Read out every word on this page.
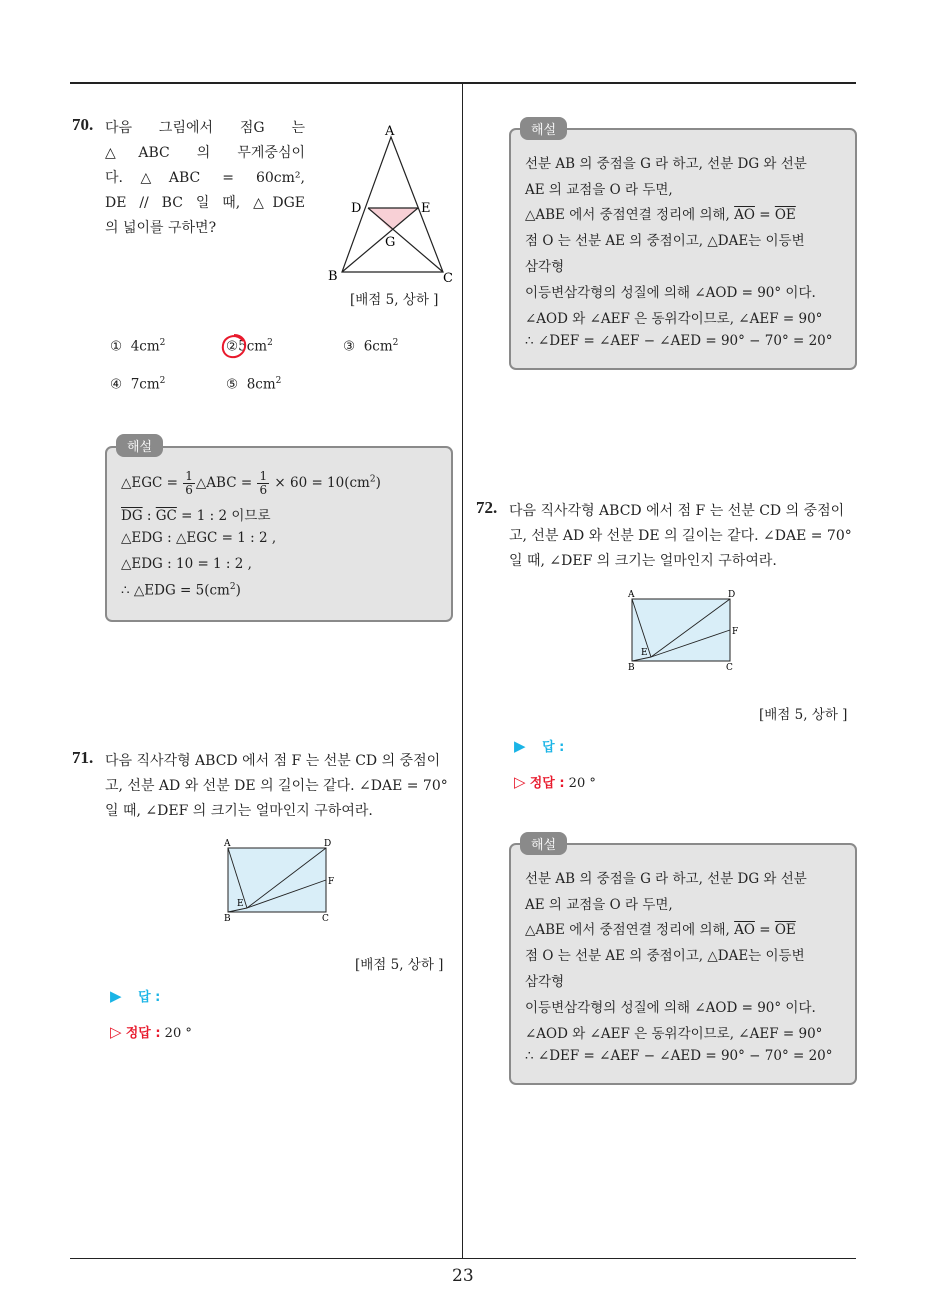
70. 다음 그림에서 점G 는
△ABC 의 무게중심이
다.△ABC = 60cm²,
DE // BC 일 때, △DGE
의 넓이를 구하면?
A
B	C
D	E
G
[배점 5, 상하 ]
① $4cm^2$	$②5cm^2$	③ $6cm^2$
④ $7cm^2$	⑤ $8cm^2$
△EGC = $\frac{1}{6}$ △ABC = $\frac{1}{6} \times 60 = 10(cm^2)$
$\overline{DG}$ : $\overline{GC} = 1$ : 2 이므로
△EDG : △EGC = 1 : 2 ,
△EDG : 10 = 1 : 2 ,
∴ △EDG = $5(cm^2)$
해설
71. 다음 직사각형 ABCD 에서 점 F 는 선분 CD 의 중점이
고, 선분 AD 와 선분 DE 의 길이는 같다. ∠DAE = 70°
일 때, ∠DEF 의 크기는 얼마인지 구하여라.
A	D
B	C
F
E
[배점 5, 상하 ]
▶ 답 :
▷ 정답 : 20 °
선분 AB 의 중점을 G 라 하고, 선분 DG 와 선분
AE 의 교점을 O 라 두면,
△ABE 에서 중점연결 정리에 의해, $\overline{AO} = \overline{OE}$
점 O 는 선분 AE 의 중점이고, △DAE는 이등변
삼각형
이등변삼각형의 성질에 의해 ∠AOD = 90° 이다.
∠AOD 와 ∠AEF 은 동위각이므로, ∠AEF = 90°
∴ ∠DEF = ∠AEF − ∠AED = 90° − 70° = 20°
해설
72. 다음 직사각형 ABCD 에서 점 F 는 선분 CD 의 중점이
고, 선분 AD 와 선분 DE 의 길이는 같다. ∠DAE = 70°
일 때, ∠DEF 의 크기는 얼마인지 구하여라.
A	D
B	C
F
E
[배점 5, 상하 ]
▶ 답 :
▷ 정답 : 20 °
선분 AB 의 중점을 G 라 하고, 선분 DG 와 선분
AE 의 교점을 O 라 두면,
△ABE 에서 중점연결 정리에 의해, $\overline{AO} = \overline{OE}$
점 O 는 선분 AE 의 중점이고, △DAE는 이등변
삼각형
이등변삼각형의 성질에 의해 ∠AOD = 90° 이다.
∠AOD 와 ∠AEF 은 동위각이므로, ∠AEF = 90°
∴ ∠DEF = ∠AEF − ∠AED = 90° − 70° = 20°
해설
23
